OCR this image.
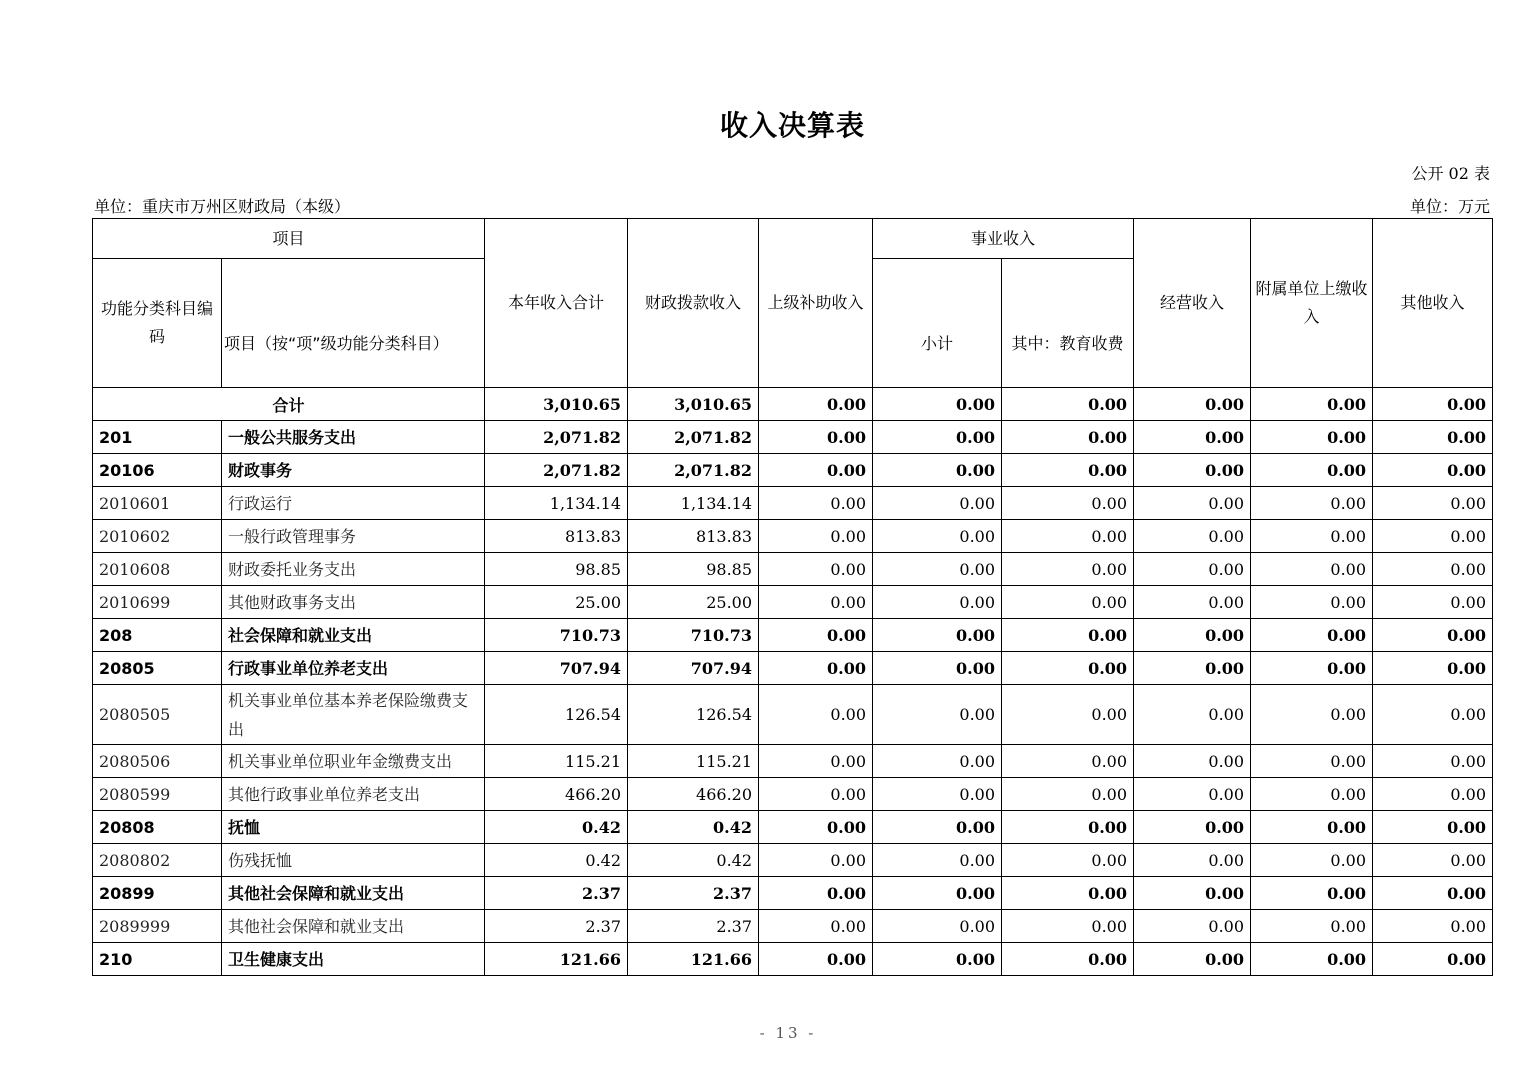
收入决算表
公开 02 表
单位：重庆市万州区财政局（本级）	单位：万元
项目		本年收入合计	财政拨款收入	上级补助收入	事业收入		经营收入	附属单位上缴收入	其他收入
功能分类科目编码	项目（按“项”级功能分类科目）				小计	其中：教育收费			
合计		3,010.65	3,010.65	0.00	0.00	0.00	0.00	0.00	0.00
201	一般公共服务支出	2,071.82	2,071.82	0.00	0.00	0.00	0.00	0.00	0.00
20106	财政事务	2,071.82	2,071.82	0.00	0.00	0.00	0.00	0.00	0.00
2010601	行政运行	1,134.14	1,134.14	0.00	0.00	0.00	0.00	0.00	0.00
2010602	一般行政管理事务	813.83	813.83	0.00	0.00	0.00	0.00	0.00	0.00
2010608	财政委托业务支出	98.85	98.85	0.00	0.00	0.00	0.00	0.00	0.00
2010699	其他财政事务支出	25.00	25.00	0.00	0.00	0.00	0.00	0.00	0.00
208	社会保障和就业支出	710.73	710.73	0.00	0.00	0.00	0.00	0.00	0.00
20805	行政事业单位养老支出	707.94	707.94	0.00	0.00	0.00	0.00	0.00	0.00
2080505	机关事业单位基本养老保险缴费支出	126.54	126.54	0.00	0.00	0.00	0.00	0.00	0.00
2080506	机关事业单位职业年金缴费支出	115.21	115.21	0.00	0.00	0.00	0.00	0.00	0.00
2080599	其他行政事业单位养老支出	466.20	466.20	0.00	0.00	0.00	0.00	0.00	0.00
20808	抚恤	0.42	0.42	0.00	0.00	0.00	0.00	0.00	0.00
2080802	伤残抚恤	0.42	0.42	0.00	0.00	0.00	0.00	0.00	0.00
20899	其他社会保障和就业支出	2.37	2.37	0.00	0.00	0.00	0.00	0.00	0.00
2089999	其他社会保障和就业支出	2.37	2.37	0.00	0.00	0.00	0.00	0.00	0.00
210	卫生健康支出	121.66	121.66	0.00	0.00	0.00	0.00	0.00	0.00
- 13 -
